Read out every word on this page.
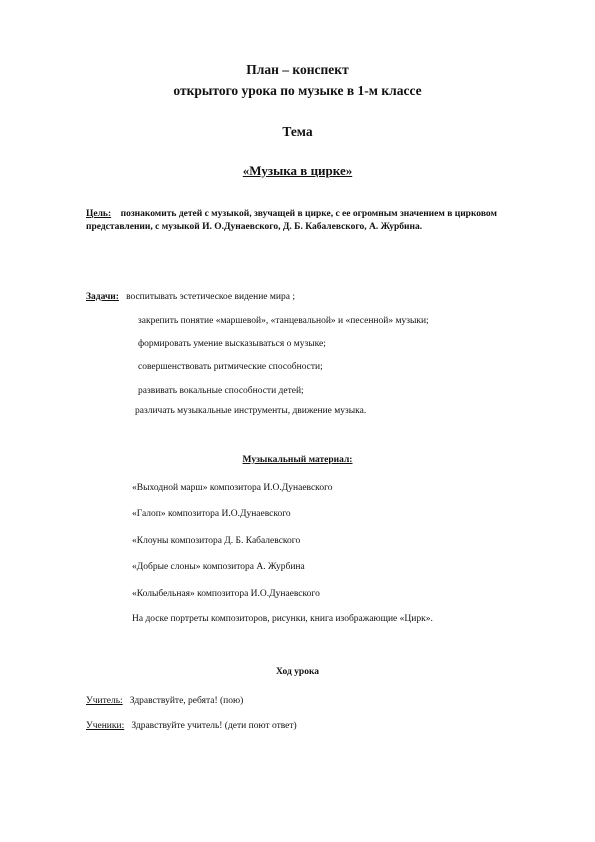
План – конспект
открытого урока по музыке в 1-м классе
Тема
«Музыка в цирке»
Цель: познакомить детей с музыкой, звучащей в цирке, с ее огромным значением в цирковом представлении, с музыкой И. О.Дунаевского, Д. Б. Кабалевского, А. Журбина.
Задачи: воспитывать эстетическое видение мира ;
закрепить понятие «маршевой», «танцевальной» и «песенной» музыки;
формировать умение высказываться о музыке;
совершенствовать ритмические способности;
развивать вокальные способности детей;
различать музыкальные инструменты, движение музыка.
Музыкальный материал:
«Выходной марш» композитора И.О.Дунаевского
«Галоп» композитора И.О.Дунаевского
«Клоуны композитора Д. Б. Кабалевского
«Добрые слоны» композитора А. Журбина
«Колыбельная» композитора И.О.Дунаевского
На доске портреты композиторов, рисунки, книга изображающие «Цирк».
Ход урока
Учитель: Здравствуйте, ребята! (пою)
Ученики: Здравствуйте учитель! (дети поют ответ)
